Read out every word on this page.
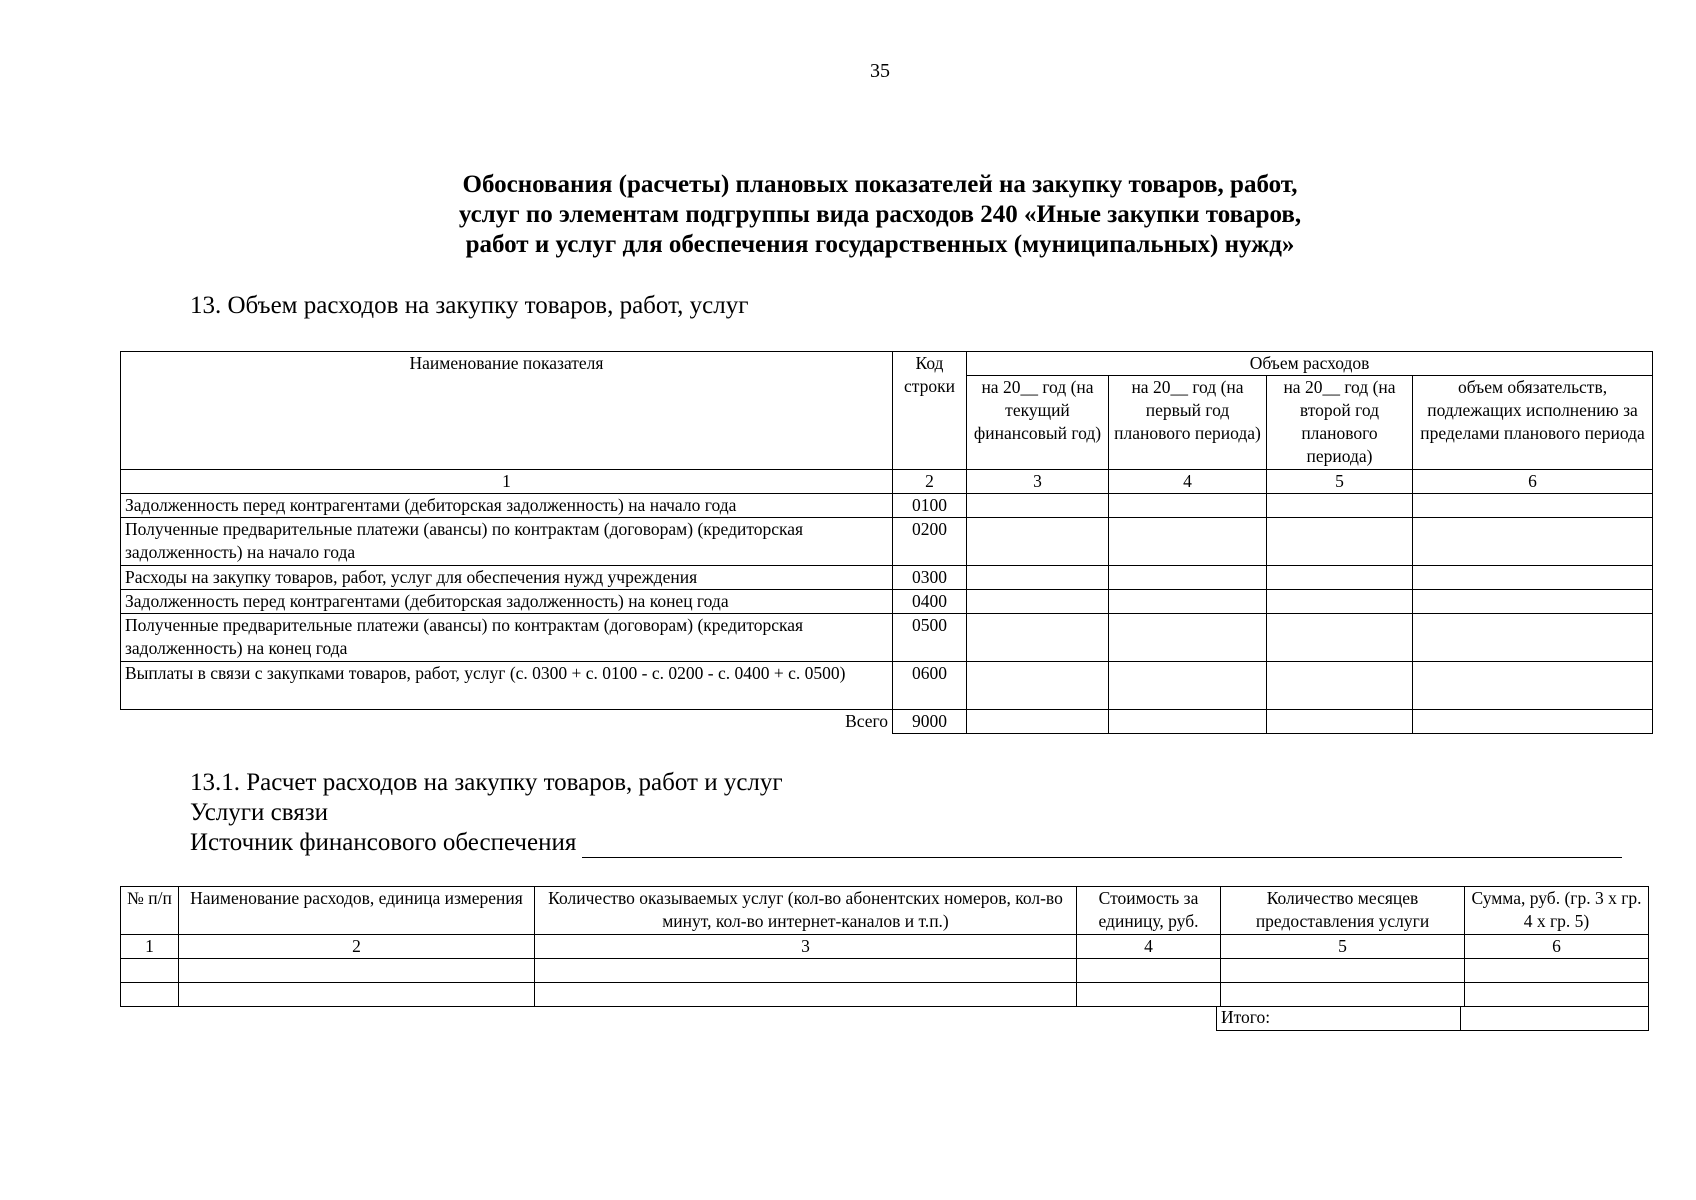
35
Обоснования (расчеты) плановых показателей на закупку товаров, работ,
услуг по элементам подгруппы вида расходов 240 «Иные закупки товаров,
работ и услуг для обеспечения государственных (муниципальных) нужд»
13. Объем расходов на закупку товаров, работ, услуг
Наименование показателя	Код строки	Объем расходов			
		на 20__ год (на текущий финансовый год)	на 20__ год (на первый год планового периода)	на 20__ год (на второй год планового периода)	объем обязательств, подлежащих исполнению за пределами планового периода
1	2	3	4	5	6
Задолженность перед контрагентами (дебиторская задолженность) на начало года	0100				
Полученные предварительные платежи (авансы) по контрактам (договорам) (кредиторская задолженность) на начало года	0200				
Расходы на закупку товаров, работ, услуг для обеспечения нужд учреждения	0300				
Задолженность перед контрагентами (дебиторская задолженность) на конец года	0400				
Полученные предварительные платежи (авансы) по контрактам (договорам) (кредиторская задолженность) на конец года	0500				
Выплаты в связи с закупками товаров, работ, услуг (с. 0300 + с. 0100 - с. 0200 - с. 0400 + с. 0500)	0600				
Всего	9000				
13.1. Расчет расходов на закупку товаров, работ и услуг
Услуги связи
Источник финансового обеспечения
№ п/п	Наименование расходов, единица измерения	Количество оказываемых услуг (кол-во абонентских номеров, кол-во минут, кол-во интернет-каналов и т.п.)	Стоимость за единицу, руб.	Количество месяцев предоставления услуги	Сумма, руб. (гр. 3 х гр. 4 х гр. 5)
1	2	3	4	5	6

Итого:	
